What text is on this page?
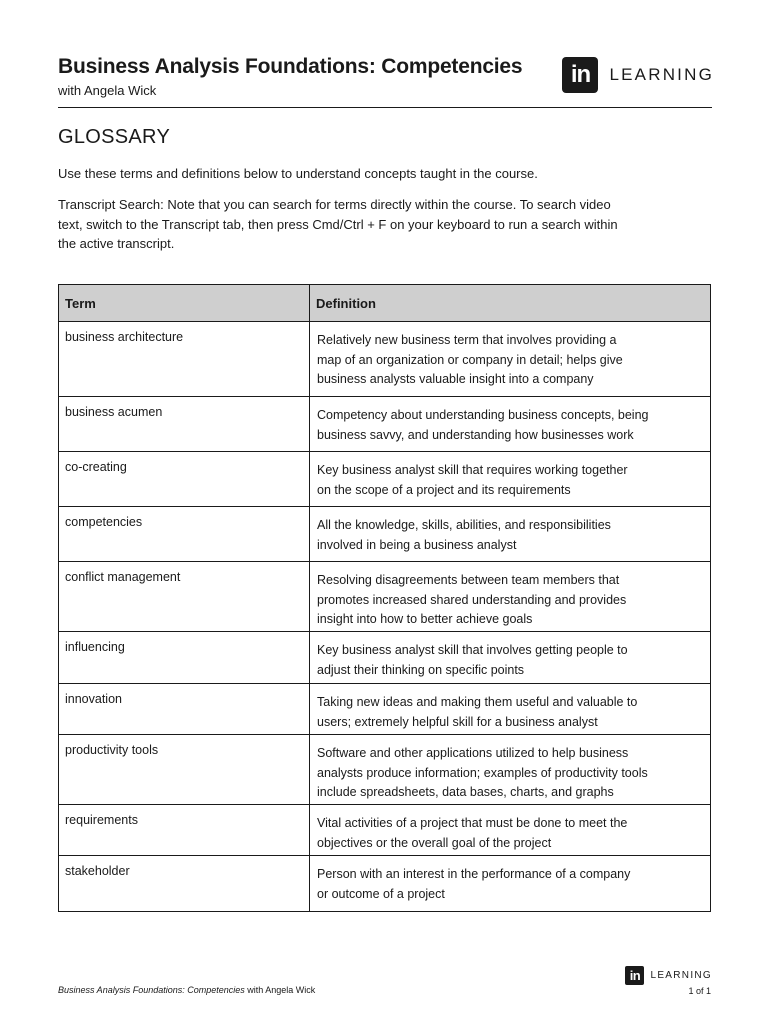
Business Analysis Foundations: Competencies
with Angela Wick
in	LEARNING
GLOSSARY

Use these terms and definitions below to understand concepts taught in the course.

Transcript Search: Note that you can search for terms directly within the course. To search video text, switch to the Transcript tab, then press Cmd/Ctrl + F on your keyboard to run a search within the active transcript.

Term	Definition
business architecture	Relatively new business term that involves providing a
map of an organization or company in detail; helps give
business analysts valuable insight into a company

business acumen	Competency about understanding business concepts, being
business savvy, and understanding how businesses work

co-creating	Key business analyst skill that requires working together
on the scope of a project and its requirements

competencies	All the knowledge, skills, abilities, and responsibilities
involved in being a business analyst

conflict management	Resolving disagreements between team members that
promotes increased shared understanding and provides
insight into how to better achieve goals

influencing	Key business analyst skill that involves getting people to
adjust their thinking on specific points

innovation	Taking new ideas and making them useful and valuable to
users; extremely helpful skill for a business analyst

productivity tools	Software and other applications utilized to help business
analysts produce information; examples of productivity tools
include spreadsheets, data bases, charts, and graphs

requirements	Vital activities of a project that must be done to meet the
objectives or the overall goal of the project

stakeholder	Person with an interest in the performance of a company
or outcome of a project
Business Analysis Foundations: Competencies with Angela Wick
in	LEARNING
1 of 1
